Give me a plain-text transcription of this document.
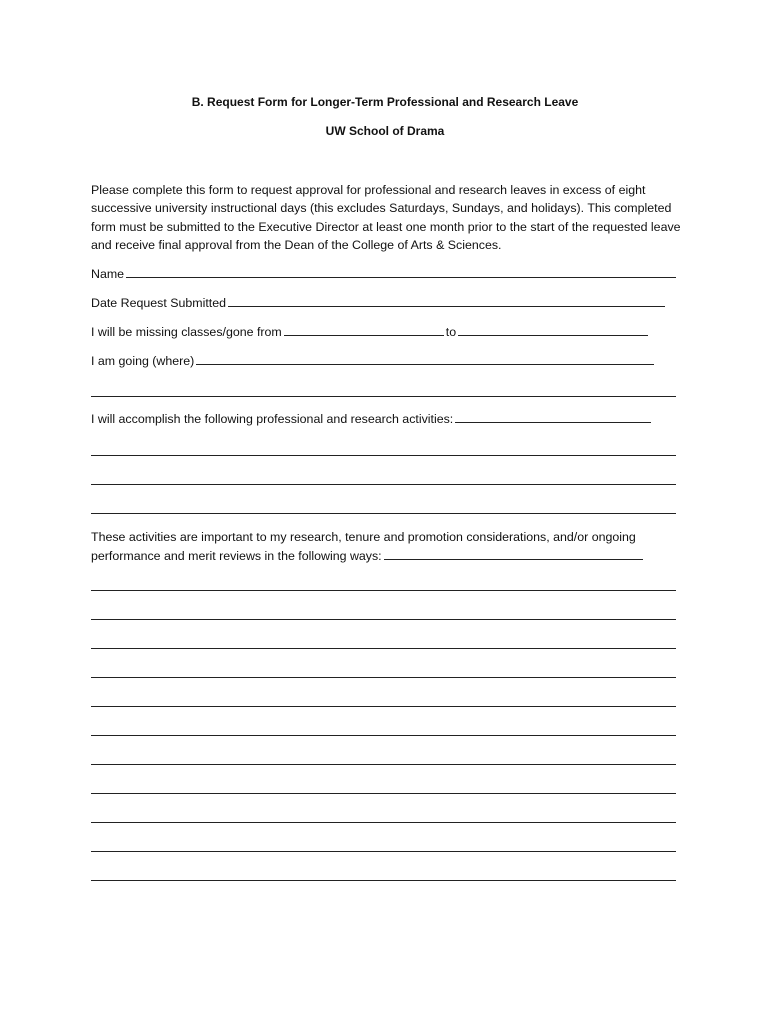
B. Request Form for Longer-Term Professional and Research Leave
UW School of Drama

Please complete this form to request approval for professional and research leaves in excess of eight successive university instructional days (this excludes Saturdays, Sundays, and holidays). This completed form must be submitted to the Executive Director at least one month prior to the start of the requested leave and receive final approval from the Dean of the College of Arts & Sciences.

Name
Date Request Submitted
I will be missing classes/gone from	to
I am going (where)
I will accomplish the following professional and research activities:
These activities are important to my research, tenure and promotion considerations, and/or ongoing
performance and merit reviews in the following ways:
